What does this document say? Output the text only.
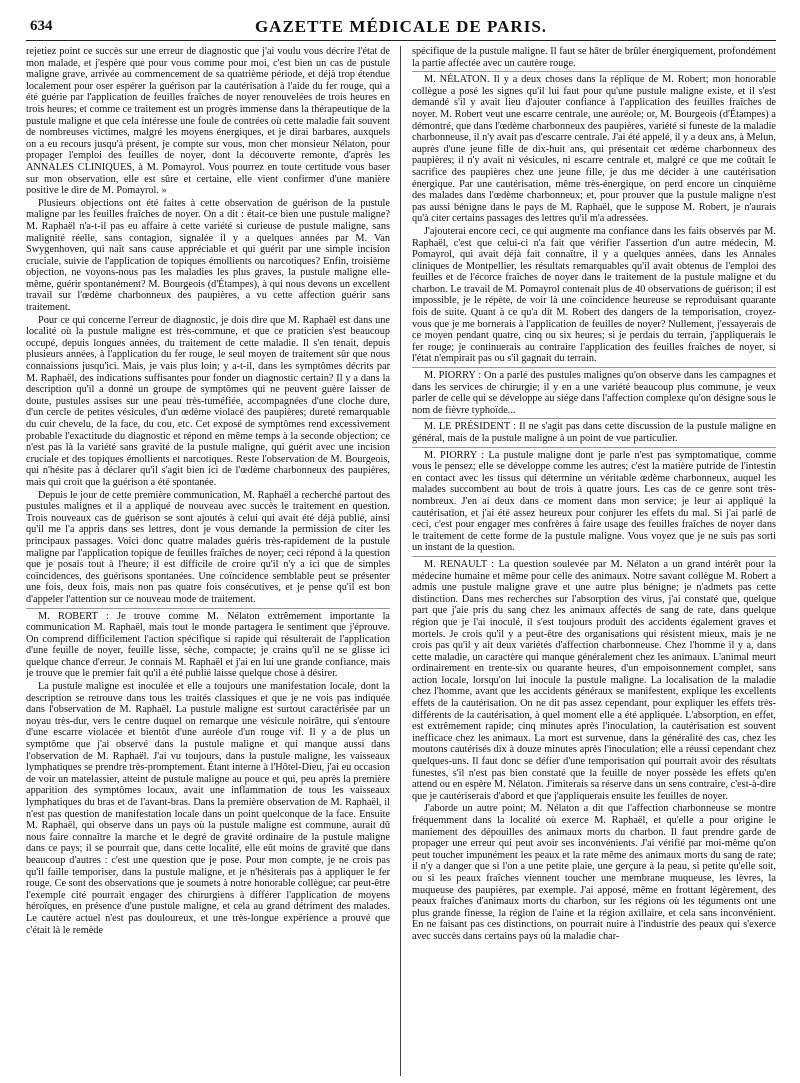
634	GAZETTE MÉDICALE DE PARIS.

rejetiez point ce succès sur une erreur de diagnostic que j'ai voulu vous décrire l'état de mon malade, et j'espère que pour vous comme pour moi, c'est bien un cas de pustule maligne grave, arrivée au commencement de sa quatrième période, et déjà trop étendue localement pour oser espérer la guérison par la cautérisation à l'aide du fer rouge, qui a été guérie par l'application de feuilles fraîches de noyer renouvelées de trois heures en trois heures; et comme ce traitement est un progrès immense dans la thérapeutique de la pustule maligne et que cela intéresse une foule de contrées où cette maladie fait souvent de nombreuses victimes, malgré les moyens énergiques, et je dirai barbares, auxquels on a eu recours jusqu'à présent, je compte sur vous, mon cher monsieur Nélaton, pour propager l'emploi des feuilles de noyer, dont la découverte remonte, d'après les ANNALES CLINIQUES, à M. Pomayrol. Vous pourrez en toute certitude vous baser sur mon observation, elle est sûre et certaine, elle vient confirmer d'une manière positive le dire de M. Pomayrol. »

Plusieurs objections ont été faites à cette observation de guérison de la pustule maligne par les feuilles fraîches de noyer. On a dit : était-ce bien une pustule maligne? M. Raphaël n'a-t-il pas eu affaire à cette variété si curieuse de pustule maligne, sans malignité réelle, sans contagion, signalée il y a quelques années par M. Van Swygenhoven, qui naît sans cause appréciable et qui guérit par une simple incision cruciale, suivie de l'application de topiques émollients ou narcotiques? Enfin, troisième objection, ne voyons-nous pas les maladies les plus graves, la pustule maligne elle-même, guérir spontanément? M. Bourgeois (d'Étampes), à qui nous devons un excellent travail sur l'œdème charbonneux des paupières, a vu cette affection guérir sans traitement.

Pour ce qui concerne l'erreur de diagnostic, je dois dire que M. Raphaël est dans une localité où la pustule maligne est très-commune, et que ce praticien s'est beaucoup occupé, depuis longues années, du traitement de cette maladie. Il s'en tenait, depuis plusieurs années, à l'application du fer rouge, le seul moyen de traitement sûr que nous connaissions jusqu'ici. Mais, je vais plus loin; y a-t-il, dans les symptômes décrits par M. Raphaël, des indications suffisantes pour fonder un diagnostic certain? Il y a dans la description qu'il a donné un groupe de symptômes qui ne peuvent guère laisser de doute, pustules assises sur une peau très-tuméfiée, accompagnées d'une cloche dure, d'un cercle de petites vésicules, d'un œdème violacé des paupières; dureté remarquable du cuir chevelu, de la face, du cou, etc. Cet exposé de symptômes rend excessivement probable l'exactitude du diagnostic et répond en même temps à la seconde objection; ce n'est pas là la variété sans gravité de la pustule maligne, qui guérit avec une incision cruciale et des topiques émollients et narcotiques. Reste l'observation de M. Bourgeois, qui n'hésite pas à déclarer qu'il s'agit bien ici de l'œdème charbonneux des paupières, mais qui croit que la guérison a été spontanée.

Depuis le jour de cette première communication, M. Raphaël a recherché partout des pustules malignes et il a appliqué de nouveau avec succès le traitement en question. Trois nouveaux cas de guérison se sont ajoutés à celui qui avait été déjà publié, ainsi qu'il me l'a appris dans ses lettres, dont je vous demande la permission de citer les principaux passages. Voici donc quatre malades guéris très-rapidement de la pustule maligne par l'application topique de feuilles fraîches de noyer; ceci répond à la question que je posais tout à l'heure; il est difficile de croire qu'il n'y a ici que de simples coïncidences, des guérisons spontanées. Une coïncidence semblable peut se présenter une fois, deux fois, mais non pas quatre fois consécutives, et je pense qu'il est bon d'appeler l'attention sur ce nouveau mode de traitement.

M. ROBERT : Je trouve comme M. Nélaton extrêmement importante la communication M. Raphaël, mais tout le monde partagera le sentiment que j'éprouve. On comprend difficilement l'action spécifique si rapide qui résulterait de l'application d'une feuille de noyer, feuille lisse, sèche, compacte; je crains qu'il ne se glisse ici quelque chance d'erreur. Je connais M. Raphaël et j'ai en lui une grande confiance, mais je trouve que le premier fait qu'il a été publié laisse quelque chose à désirer.

La pustule maligne est inoculée et elle a toujours une manifestation locale, dont la description se retrouve dans tous les traités classiques et que je ne vois pas indiquée dans l'observation de M. Raphaël. La pustule maligne est surtout caractérisée par un noyau très-dur, vers le centre duquel on remarque une vésicule noirâtre, qui s'entoure d'une escarre violacée et bientôt d'une auréole d'un rouge vif. Il y a de plus un symptôme que j'ai observé dans la pustule maligne et qui manque aussi dans l'observation de M. Raphaël. J'ai vu toujours, dans la pustule maligne, les vaisseaux lymphatiques se prendre très-promptement. Étant interne à l'Hôtel-Dieu, j'ai eu occasion de voir un matelassier, atteint de pustule maligne au pouce et qui, peu après la première apparition des symptômes locaux, avait une inflammation de tous les vaisseaux lymphatiques du bras et de l'avant-bras. Dans la première observation de M. Raphaël, il n'est pas question de manifestation locale dans un point quelconque de la face. Ensuite M. Raphaël, qui observe dans un pays où la pustule maligne est commune, aurait dû nous faire connaître la marche et le degré de gravité ordinaire de la pustule maligne dans ce pays; il se pourrait que, dans cette localité, elle eût moins de gravité que dans beaucoup d'autres : c'est une question que je pose. Pour mon compte, je ne crois pas qu'il faille temporiser, dans la pustule maligne, et je n'hésiterais pas à appliquer le fer rouge. Ce sont des observations que je soumets à notre honorable collègue; car peut-être l'exemple cité pourrait engager des chirurgiens à différer l'application de moyens héroïques, en présence d'une pustule maligne, et cela au grand détriment des malades. Le cautère actuel n'est pas douloureux, et une très-longue expérience a prouvé que c'était là le remède

spécifique de la pustule maligne. Il faut se hâter de brûler énergiquement, profondément la partie affectée avec un cautère rouge.

M. NÉLATON. Il y a deux choses dans la réplique de M. Robert; mon honorable collègue a posé les signes qu'il lui faut pour qu'une pustule maligne existe, et il s'est demandé s'il y avait lieu d'ajouter confiance à l'application des feuilles fraîches de noyer. M. Robert veut une escarre centrale, une auréole; or, M. Bourgeois (d'Étampes) a démontré, que dans l'œdème charbonneux des paupières, variété si funeste de la maladie charbonneuse, il n'y avait pas d'escarre centrale. J'ai été appelé, il y a deux ans, à Melun, auprès d'une jeune fille de dix-huit ans, qui présentait cet œdème charbonneux des paupières; il n'y avait ni vésicules, ni escarre centrale et, malgré ce que me coûtait le sacrifice des paupières chez une jeune fille, je dus me décider à une cautérisation énergique. Par une cautérisation, même très-énergique, on perd encore un cinquième des malades dans l'œdème charbonneux; et, pour prouver que la pustule maligne n'est pas aussi bénigne dans le pays de M. Raphaël, que le suppose M. Robert, je n'aurais qu'à citer certains passages des lettres qu'il m'a adressées.

J'ajouterai encore ceci, ce qui augmente ma confiance dans les faits observés par M. Raphaël, c'est que celui-ci n'a fait que vérifier l'assertion d'un autre médecin, M. Pomayrol, qui avait déjà fait connaître, il y a quelques années, dans les Annales cliniques de Montpellier, les résultats remarquables qu'il avait obtenus de l'emploi des feuilles et de l'écorce fraîches de noyer dans le traitement de la pustule maligne et du charbon. Le travail de M. Pomayrol contenait plus de 40 observations de guérison; il est impossible, je le répète, de voir là une coïncidence heureuse se reproduisant quarante fois de suite. Quant à ce qu'a dit M. Robert des dangers de la temporisation, croyez-vous que je me bornerais à l'application de feuilles de noyer? Nullement, j'essayerais de ce moyen pendant quatre, cinq ou six heures; si je perdais du terrain, j'appliquerais le fer rouge; je continuerais au contraire l'application des feuilles fraîches de noyer, si l'état n'empirait pas ou s'il gagnait du terrain.

M. PIORRY : On a parlé des pustules malignes qu'on observe dans les campagnes et dans les services de chirurgie; il y en a une variété beaucoup plus commune, je veux parler de celle qui se développe au siége dans l'affection complexe qu'on désigne sous le nom de fièvre typhoïde...

M. LE PRÉSIDENT : Il ne s'agit pas dans cette discussion de la pustule maligne en général, mais de la pustule maligne à un point de vue particulier.

M. PIORRY : La pustule maligne dont je parle n'est pas symptomatique, comme vous le pensez; elle se développe comme les autres; c'est la matière putride de l'intestin en contact avec les tissus qui détermine un véritable œdème charbonneux, auquel les malades succombent au bout de trois à quatre jours. Les cas de ce genre sont très-nombreux. J'en ai deux dans ce moment dans mon service; je leur ai appliqué la cautérisation, et j'ai été assez heureux pour conjurer les effets du mal. Si j'ai parlé de ceci, c'est pour engager mes confrères à faire usage des feuilles fraîches de noyer dans le traitement de cette forme de la pustule maligne. Vous voyez que je ne suis pas sorti un instant de la question.

M. RENAULT : La question soulevée par M. Nélaton a un grand intérêt pour la médecine humaine et même pour celle des animaux. Notre savant collègue M. Robert a admis une pustule maligne grave et une autre plus bénigne; je n'admets pas cette distinction. Dans mes recherches sur l'absorption des virus, j'ai constaté que, quelque part que j'aie pris du sang chez les animaux affectés de sang de rate, dans quelque région que je l'ai inoculé, il s'est toujours produit des accidents également graves et mortels. Je crois qu'il y a peut-être des organisations qui résistent mieux, mais je ne crois pas qu'il y ait deux variétés d'affection charbonneuse. Chez l'homme il y a, dans cette maladie, un caractère qui manque généralement chez les animaux. L'animal meurt ordinairement en trente-six ou quarante heures, d'un empoisonnement complet, sans action locale, lorsqu'on lui inocule la pustule maligne. La localisation de la maladie chez l'homme, avant que les accidents généraux se manifestent, explique les excellents effets de la cautérisation. On ne dit pas assez cependant, pour expliquer les effets très-différents de la cautérisation, à quel moment elle a été appliquée. L'absorption, en effet, est extrêmement rapide; cinq minutes après l'inoculation, la cautérisation est souvent inefficace chez les animaux. La mort est survenue, dans la généralité des cas, chez les moutons cautérisés dix à douze minutes après l'inoculation; elle a réussi cependant chez quelques-uns. Il faut donc se défier d'une temporisation qui pourrait avoir des résultats funestes, s'il n'est pas bien constaté que la feuille de noyer possède les effets qu'en attend ou en espère M. Nélaton. J'imiterais sa réserve dans un sens contraire, c'est-à-dire que je cautériserais d'abord et que j'appliquerais ensuite les feuilles de noyer.

J'aborde un autre point; M. Nélaton a dit que l'affection charbonneuse se montre fréquemment dans la localité où exerce M. Raphaël, et qu'elle a pour origine le maniement des dépouilles des animaux morts du charbon. Il faut prendre garde de propager une erreur qui peut avoir ses inconvénients. J'ai vérifié par moi-même qu'on peut toucher impunément les peaux et la rate même des animaux morts du sang de rate; il n'y a danger que si l'on a une petite plaie, une gerçure à la peau, si petite qu'elle soit, ou si les peaux fraîches viennent toucher une membrane muqueuse, les lèvres, la muqueuse des paupières, par exemple. J'ai apposé, même en frottant légèrement, des peaux fraîches d'animaux morts du charbon, sur les régions où les téguments ont une plus grande finesse, la région de l'aine et la région axillaire, et cela sans inconvénient. En ne faisant pas ces distinctions, on pourrait nuire à l'industrie des peaux qui s'exerce avec succès dans certains pays où la maladie char-
